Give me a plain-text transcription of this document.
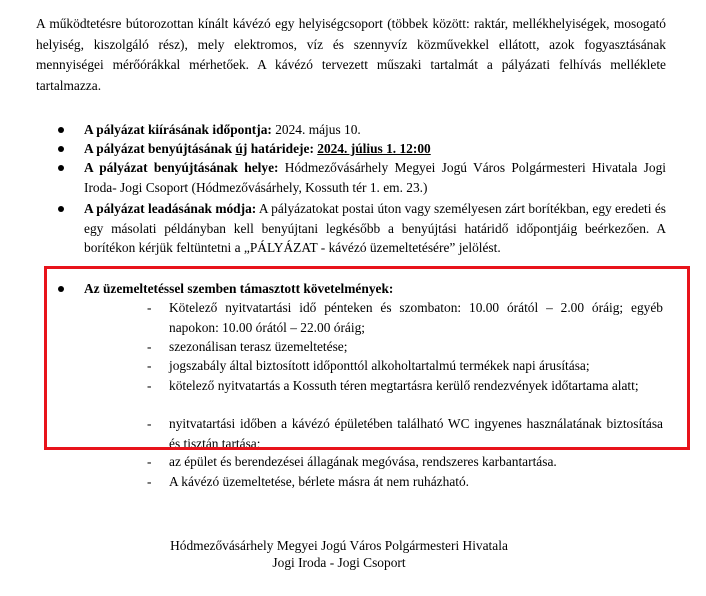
A működtetésre bútorozottan kínált kávézó egy helyiségcsoport (többek között: raktár, mellékhelyiségek, mosogató helyiség, kiszolgáló rész), mely elektromos, víz és szennyvíz közművekkel ellátott, azok fogyasztásának mennyiségei mérőórákkal mérhetőek. A kávézó tervezett műszaki tartalmát a pályázati felhívás melléklete tartalmazza.
A pályázat kiírásának időpontja: 2024. május 10.
A pályázat benyújtásának új határideje: 2024. július 1. 12:00
A pályázat benyújtásának helye: Hódmezővásárhely Megyei Jogú Város Polgármesteri Hivatala Jogi Iroda- Jogi Csoport (Hódmezővásárhely, Kossuth tér 1. em. 23.)
A pályázat leadásának módja: A pályázatokat postai úton vagy személyesen zárt borítékban, egy eredeti és egy másolati példányban kell benyújtani legkésőbb a benyújtási határidő időpontjáig beérkezően. A borítékon kérjük feltüntetni a „PÁLYÁZAT - kávézó üzemeltetésére” jelölést.
Az üzemeltetéssel szemben támasztott követelmények:
- Kötelező nyitvatartási idő pénteken és szombaton: 10.00 órától – 2.00 óráig; egyéb napokon: 10.00 órától – 22.00 óráig;
- szezonálisan terasz üzemeltetése;
- jogszabály által biztosított időponttól alkoholtartalmú termékek napi árusítása;
- kötelező nyitvatartás a Kossuth téren megtartásra kerülő rendezvények időtartama alatt;
- nyitvatartási időben a kávézó épületében található WC ingyenes használatának biztosítása és tisztán tartása;
- az épület és berendezései állagának megóvása, rendszeres karbantartása.
- A kávézó üzemeltetése, bérlete másra át nem ruházható.
Hódmezővásárhely Megyei Jogú Város Polgármesteri Hivatala
Jogi Iroda - Jogi Csoport
